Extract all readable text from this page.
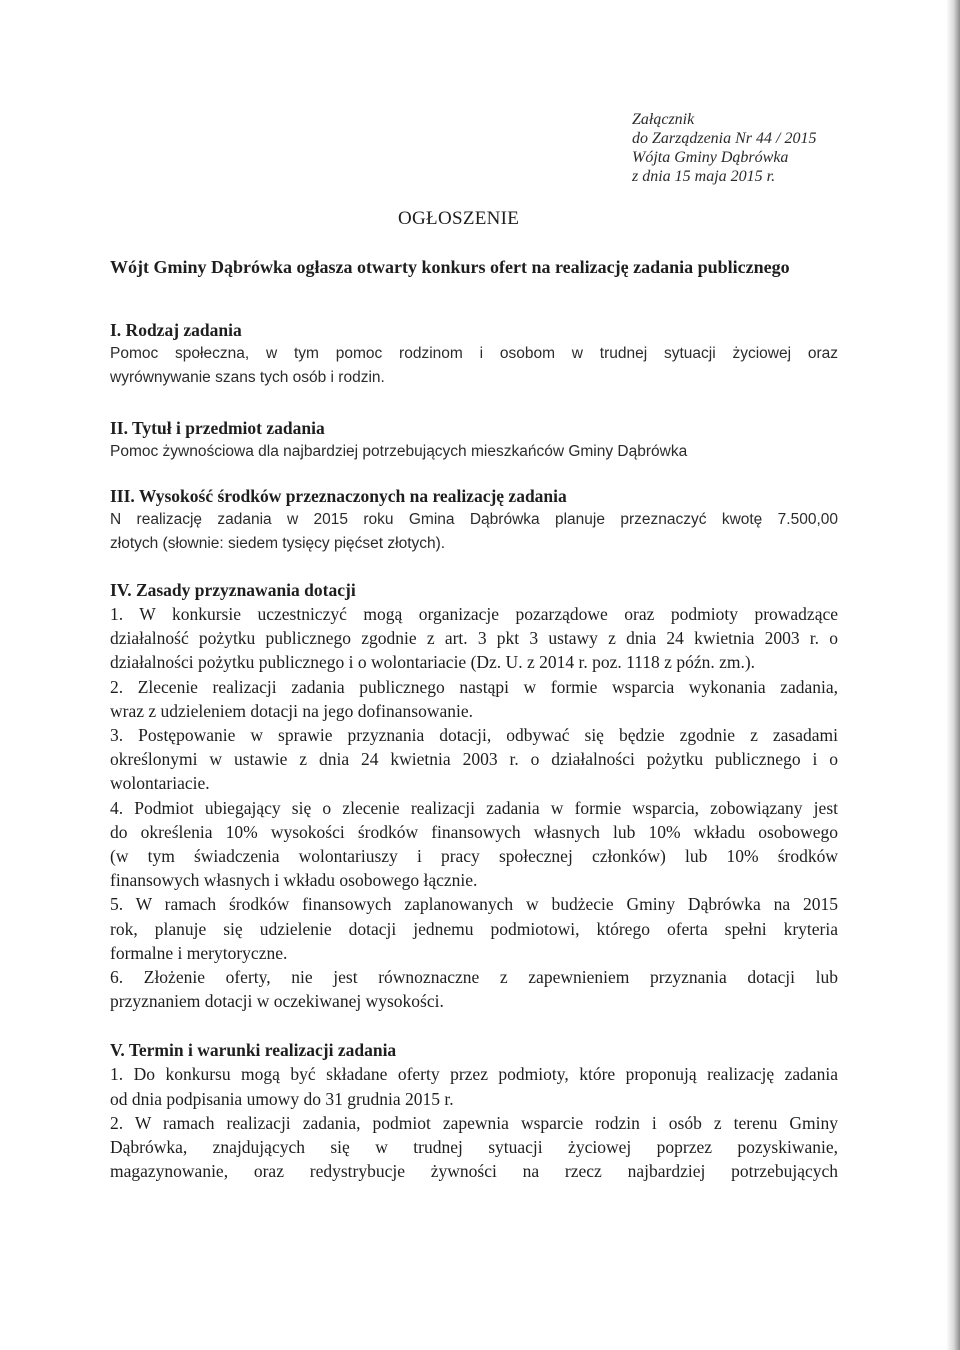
Załącznik
do Zarządzenia Nr 44 / 2015
Wójta Gminy Dąbrówka
z dnia 15 maja 2015 r.
OGŁOSZENIE
Wójt Gminy Dąbrówka ogłasza otwarty konkurs ofert na realizację zadania publicznego
I. Rodzaj zadania
Pomoc społeczna, w tym pomoc rodzinom i osobom w trudnej sytuacji życiowej oraz
wyrównywanie szans tych osób i rodzin.
II. Tytuł i przedmiot zadania
Pomoc żywnościowa dla najbardziej potrzebujących mieszkańców Gminy Dąbrówka
III. Wysokość środków przeznaczonych na realizację zadania
N realizację zadania w 2015 roku Gmina Dąbrówka planuje przeznaczyć kwotę 7.500,00
złotych (słownie: siedem tysięcy pięćset złotych).
IV. Zasady przyznawania dotacji
1. W konkursie uczestniczyć mogą organizacje pozarządowe oraz podmioty prowadzące
działalność pożytku publicznego zgodnie z art. 3 pkt 3 ustawy z dnia 24 kwietnia 2003 r. o
działalności pożytku publicznego i o wolontariacie (Dz. U. z 2014 r. poz. 1118 z późn. zm.).
2. Zlecenie realizacji zadania publicznego nastąpi w formie wsparcia wykonania zadania,
wraz z udzieleniem dotacji na jego dofinansowanie.
3. Postępowanie w sprawie przyznania dotacji, odbywać się będzie zgodnie z zasadami
określonymi w ustawie z dnia 24 kwietnia 2003 r. o działalności pożytku publicznego i o
wolontariacie.
4. Podmiot ubiegający się o zlecenie realizacji zadania w formie wsparcia, zobowiązany jest
do określenia 10% wysokości środków finansowych własnych lub 10% wkładu osobowego
(w tym świadczenia wolontariuszy i pracy społecznej członków) lub 10% środków
finansowych własnych i wkładu osobowego łącznie.
5. W ramach środków finansowych zaplanowanych w budżecie Gminy Dąbrówka na 2015
rok, planuje się udzielenie dotacji jednemu podmiotowi, którego oferta spełni kryteria
formalne i merytoryczne.
6. Złożenie oferty, nie jest równoznaczne z zapewnieniem przyznania dotacji lub
przyznaniem dotacji w oczekiwanej wysokości.
V. Termin i warunki realizacji zadania
1. Do konkursu mogą być składane oferty przez podmioty, które proponują realizację zadania
od dnia podpisania umowy do 31 grudnia 2015 r.
2. W ramach realizacji zadania, podmiot zapewnia wsparcie rodzin i osób z terenu Gminy
Dąbrówka, znajdujących się w trudnej sytuacji życiowej poprzez pozyskiwanie,
magazynowanie, oraz redystrybucje żywności na rzecz najbardziej potrzebujących
